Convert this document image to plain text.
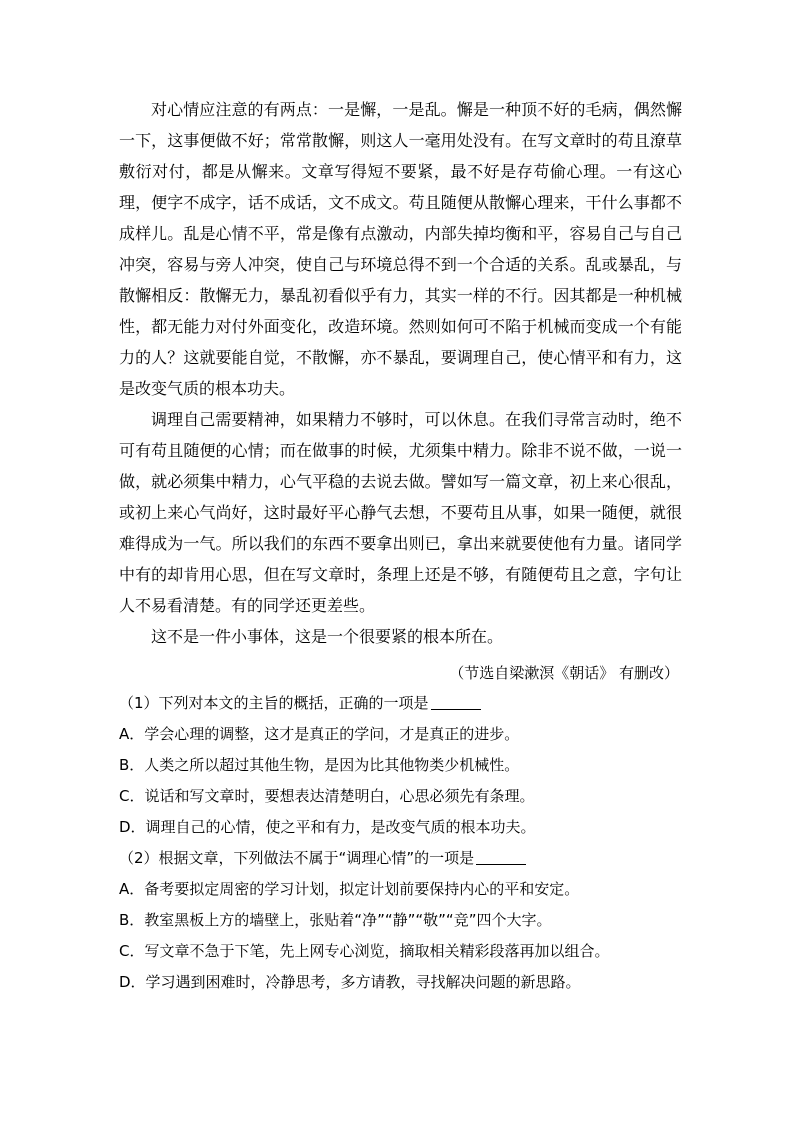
对心情应注意的有两点：一是懈，一是乱。懈是一种顶不好的毛病，偶然懈一下，这事便做不好；常常散懈，则这人一毫用处没有。在写文章时的苟且潦草敷衍对付，都是从懈来。文章写得短不要紧，最不好是存苟偷心理。一有这心理，便字不成字，话不成话，文不成文。苟且随便从散懈心理来，干什么事都不成样儿。乱是心情不平，常是像有点激动，内部失掉均衡和平，容易自己与自己冲突，容易与旁人冲突，使自己与环境总得不到一个合适的关系。乱或暴乱，与散懈相反：散懈无力，暴乱初看似乎有力，其实一样的不行。因其都是一种机械性，都无能力对付外面变化，改造环境。然则如何可不陷于机械而变成一个有能力的人？这就要能自觉，不散懈，亦不暴乱，要调理自己，使心情平和有力，这是改变气质的根本功夫。

调理自己需要精神，如果精力不够时，可以休息。在我们寻常言动时，绝不可有苟且随便的心情；而在做事的时候，尤须集中精力。除非不说不做，一说一做，就必须集中精力，心气平稳的去说去做。譬如写一篇文章，初上来心很乱，或初上来心气尚好，这时最好平心静气去想，不要苟且从事，如果一随便，就很难得成为一气。所以我们的东西不要拿出则已，拿出来就要使他有力量。诸同学中有的却肯用心思，但在写文章时，条理上还是不够，有随便苟且之意，字句让人不易看清楚。有的同学还更差些。

这不是一件小事体，这是一个很要紧的根本所在。

（节选自梁漱溟《朝话》 有删改）
（1）下列对本文的主旨的概括，正确的一项是
A．学会心理的调整，这才是真正的学问，才是真正的进步。
B．人类之所以超过其他生物，是因为比其他物类少机械性。
C．说话和写文章时，要想表达清楚明白，心思必须先有条理。
D．调理自己的心情，使之平和有力，是改变气质的根本功夫。
（2）根据文章，下列做法不属于“调理心情”的一项是
A．备考要拟定周密的学习计划，拟定计划前要保持内心的平和安定。
B．教室黑板上方的墙壁上，张贴着“净”“静”“敬”“竞”四个大字。
C．写文章不急于下笔，先上网专心浏览，摘取相关精彩段落再加以组合。
D．学习遇到困难时，冷静思考，多方请教，寻找解决问题的新思路。
